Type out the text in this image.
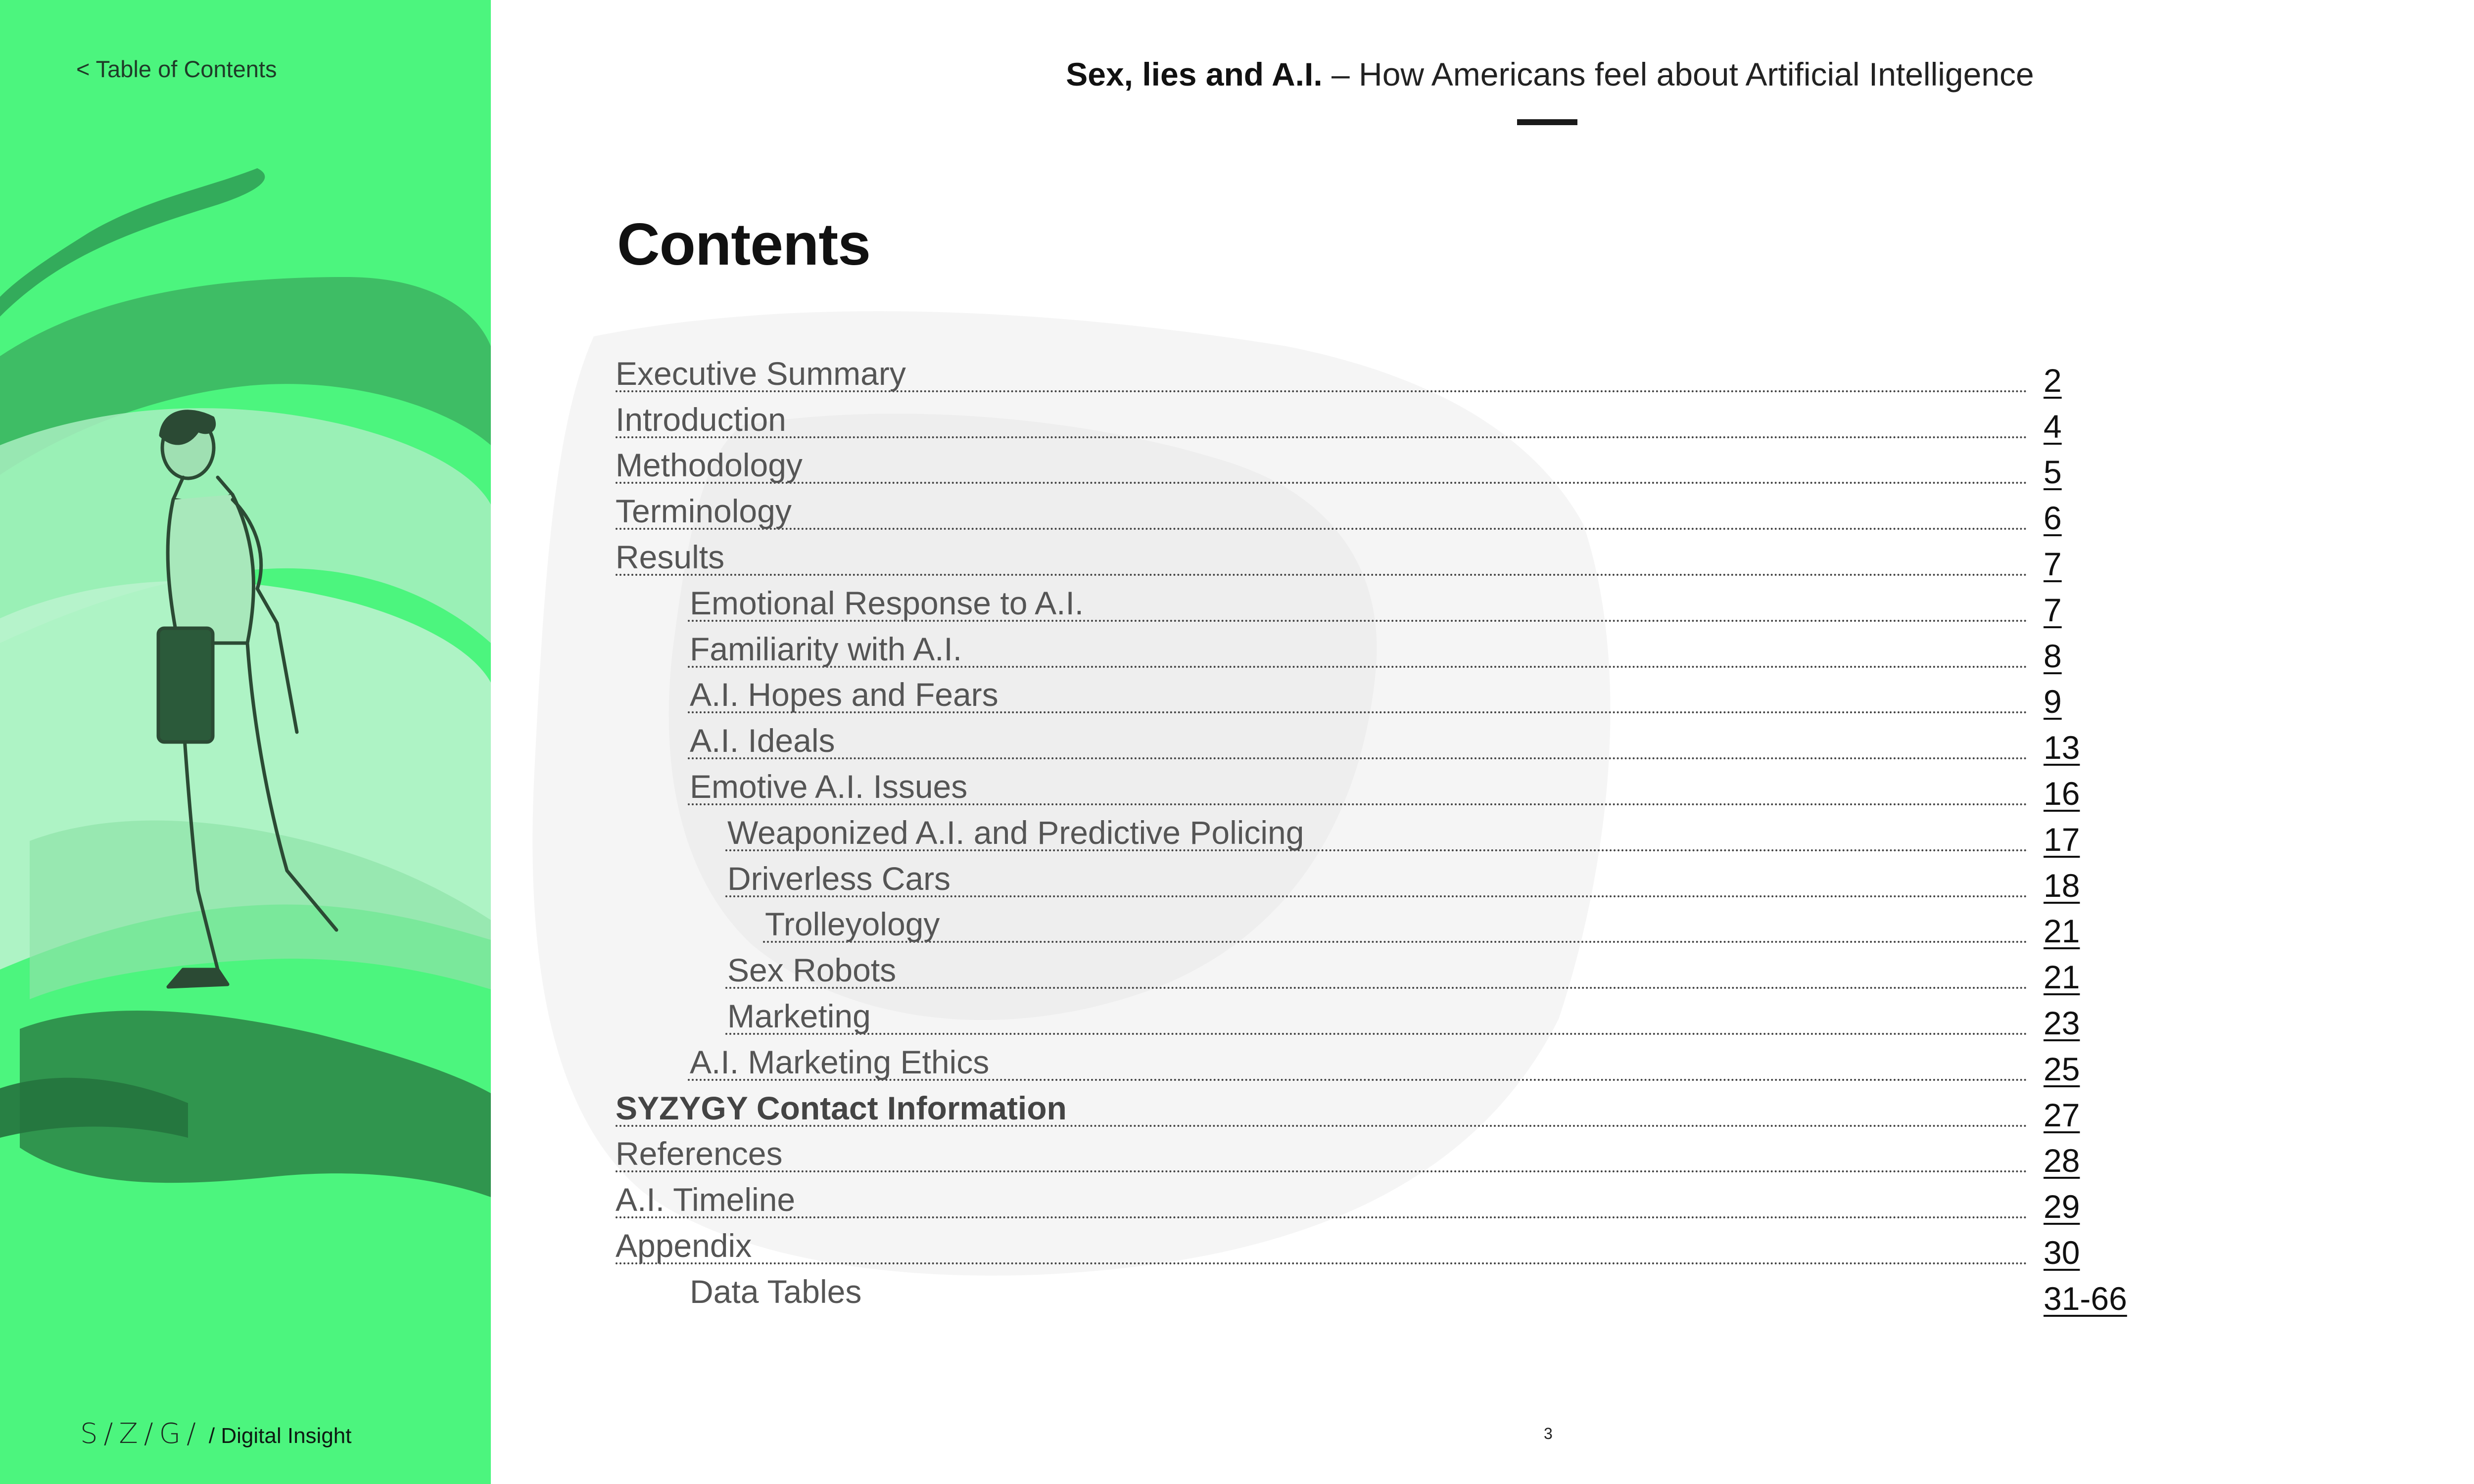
< Table of Contents
S/Z/G/ / Digital Insight
Sex, lies and A.I. – How Americans feel about Artificial Intelligence
Contents
Executive Summary	2
Introduction	4
Methodology	5
Terminology	6
Results	7
Emotional Response to A.I.	7
Familiarity with A.I.	8
A.I. Hopes and Fears	9
A.I. Ideals	13
Emotive A.I. Issues	16
Weaponized A.I. and Predictive Policing	17
Driverless Cars	18
Trolleyology	21
Sex Robots	21
Marketing	23
A.I. Marketing Ethics	25
SYZYGY Contact Information	27
References	28
A.I. Timeline	29
Appendix	30
Data Tables	31-66
3
